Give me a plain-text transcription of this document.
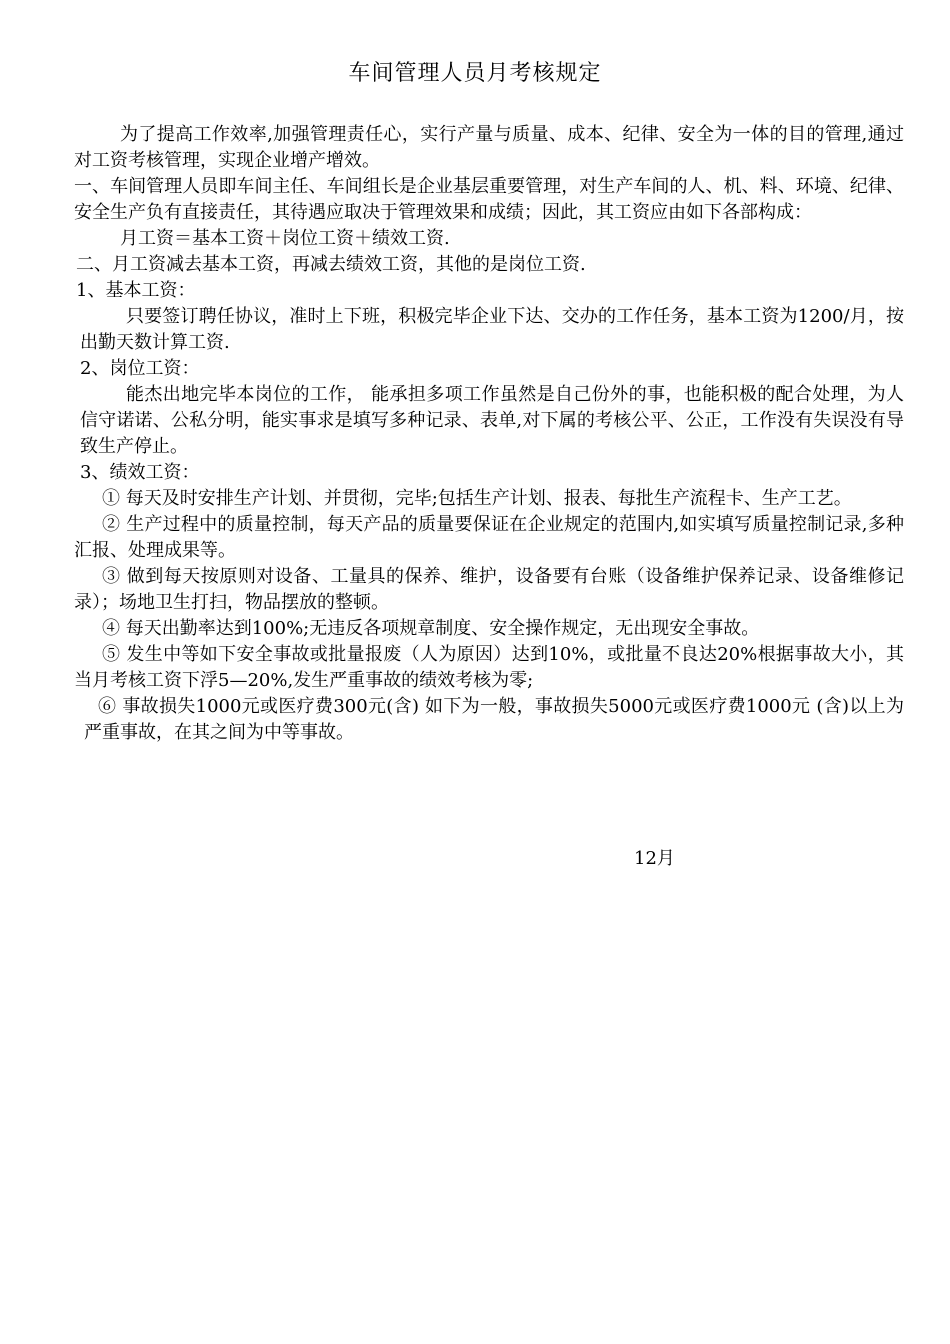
车间管理人员月考核规定

为了提高工作效率,加强管理责任心，实行产量与质量、成本、纪律、安全为一体的目的管理,通过对工资考核管理，实现企业增产增效。

一、车间管理人员即车间主任、车间组长是企业基层重要管理，对生产车间的人、机、料、环境、纪律、安全生产负有直接责任，其待遇应取决于管理效果和成绩；因此，其工资应由如下各部构成：

月工资＝基本工资＋岗位工资＋绩效工资.

二、月工资减去基本工资，再减去绩效工资，其他的是岗位工资.

1、基本工资：

只要签订聘任协议，准时上下班，积极完毕企业下达、交办的工作任务，基本工资为1200/月，按出勤天数计算工资.

2、岗位工资：

能杰出地完毕本岗位的工作， 能承担多项工作虽然是自己份外的事，也能积极的配合处理，为人信守诺诺、公私分明，能实事求是填写多种记录、表单,对下属的考核公平、公正，工作没有失误没有导致生产停止。

3、绩效工资：

① 每天及时安排生产计划、并贯彻，完毕;包括生产计划、报表、每批生产流程卡、生产工艺。

② 生产过程中的质量控制，每天产品的质量要保证在企业规定的范围内,如实填写质量控制记录,多种汇报、处理成果等。

③ 做到每天按原则对设备、工量具的保养、维护，设备要有台账（设备维护保养记录、设备维修记录）；场地卫生打扫，物品摆放的整顿。

④ 每天出勤率达到100%;无违反各项规章制度、安全操作规定，无出现安全事故。

⑤ 发生中等如下安全事故或批量报废（人为原因）达到10%，或批量不良达20%根据事故大小，其当月考核工资下浮5—20%,发生严重事故的绩效考核为零;

⑥ 事故损失1000元或医疗费300元(含) 如下为一般，事故损失5000元或医疗费1000元 (含)以上为严重事故，在其之间为中等事故。

12月
